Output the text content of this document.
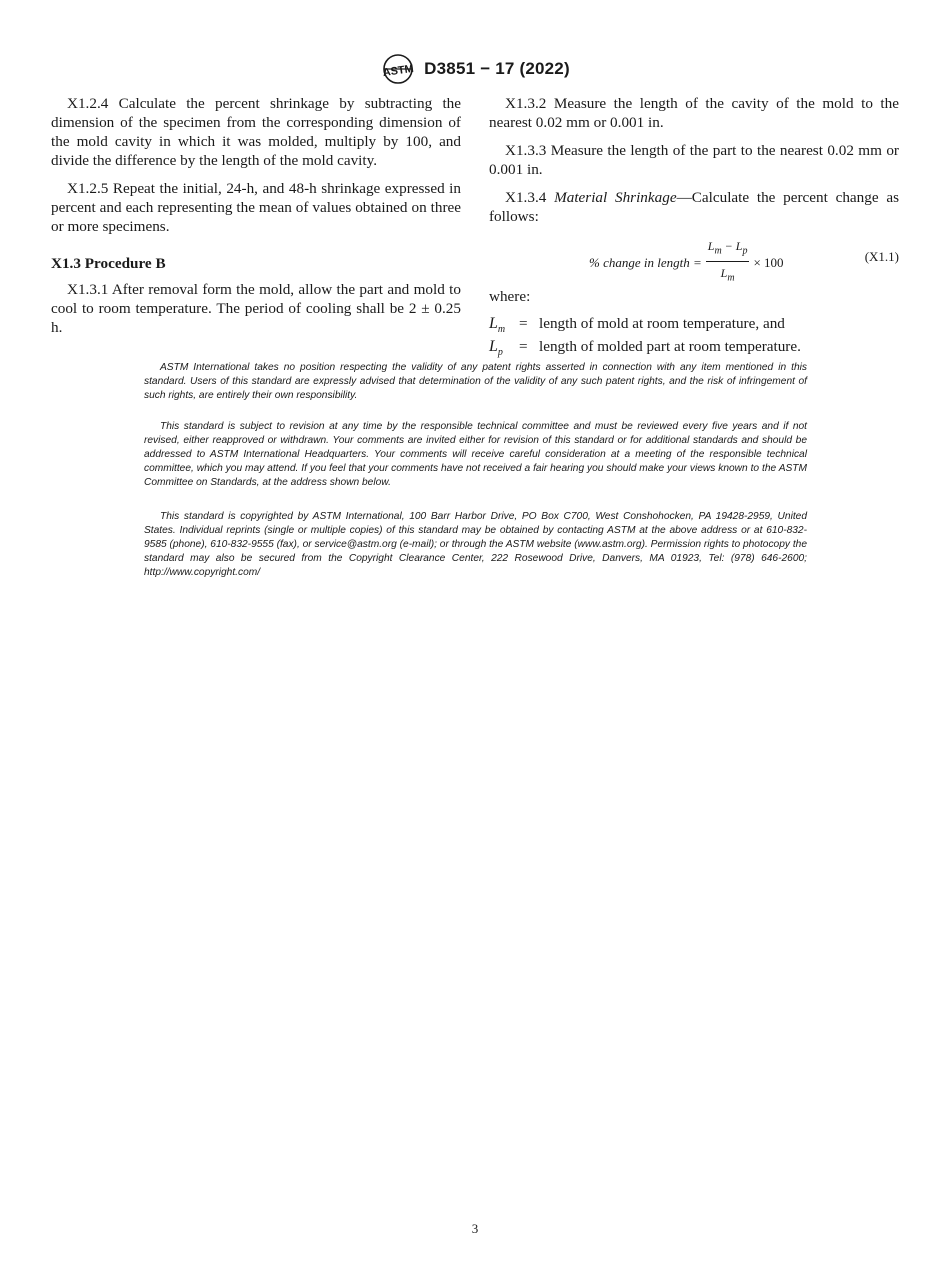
ASTM D3851 − 17 (2022)

X1.2.4 Calculate the percent shrinkage by subtracting the dimension of the specimen from the corresponding dimension of the mold cavity in which it was molded, multiply by 100, and divide the difference by the length of the mold cavity.

X1.2.5 Repeat the initial, 24-h, and 48-h shrinkage expressed in percent and each representing the mean of values obtained on three or more specimens.

X1.3 Procedure B

X1.3.1 After removal form the mold, allow the part and mold to cool to room temperature. The period of cooling shall be 2 ± 0.25 h.

X1.3.2 Measure the length of the cavity of the mold to the nearest 0.02 mm or 0.001 in.

X1.3.3 Measure the length of the part to the nearest 0.02 mm or 0.001 in.

X1.3.4 Material Shrinkage—Calculate the percent change as follows:

% change in length = $\frac{L_m - L_p}{L_m} \times 100$	(X1.1)

where:

$L_m$ = length of mold at room temperature, and
$L_p$	= length of molded part at room temperature.

ASTM International takes no position respecting the validity of any patent rights asserted in connection with any item mentioned in this standard. Users of this standard are expressly advised that determination of the validity of any such patent rights, and the risk of infringement of such rights, are entirely their own responsibility.

This standard is subject to revision at any time by the responsible technical committee and must be reviewed every five years and if not revised, either reapproved or withdrawn. Your comments are invited either for revision of this standard or for additional standards and should be addressed to ASTM International Headquarters. Your comments will receive careful consideration at a meeting of the responsible technical committee, which you may attend. If you feel that your comments have not received a fair hearing you should make your views known to the ASTM Committee on Standards, at the address shown below.

This standard is copyrighted by ASTM International, 100 Barr Harbor Drive, PO Box C700, West Conshohocken, PA 19428-2959, United States. Individual reprints (single or multiple copies) of this standard may be obtained by contacting ASTM at the above address or at 610-832-9585 (phone), 610-832-9555 (fax), or service@astm.org (e-mail); or through the ASTM website (www.astm.org). Permission rights to photocopy the standard may also be secured from the Copyright Clearance Center, 222 Rosewood Drive, Danvers, MA 01923, Tel: (978) 646-2600; http://www.copyright.com/

3
